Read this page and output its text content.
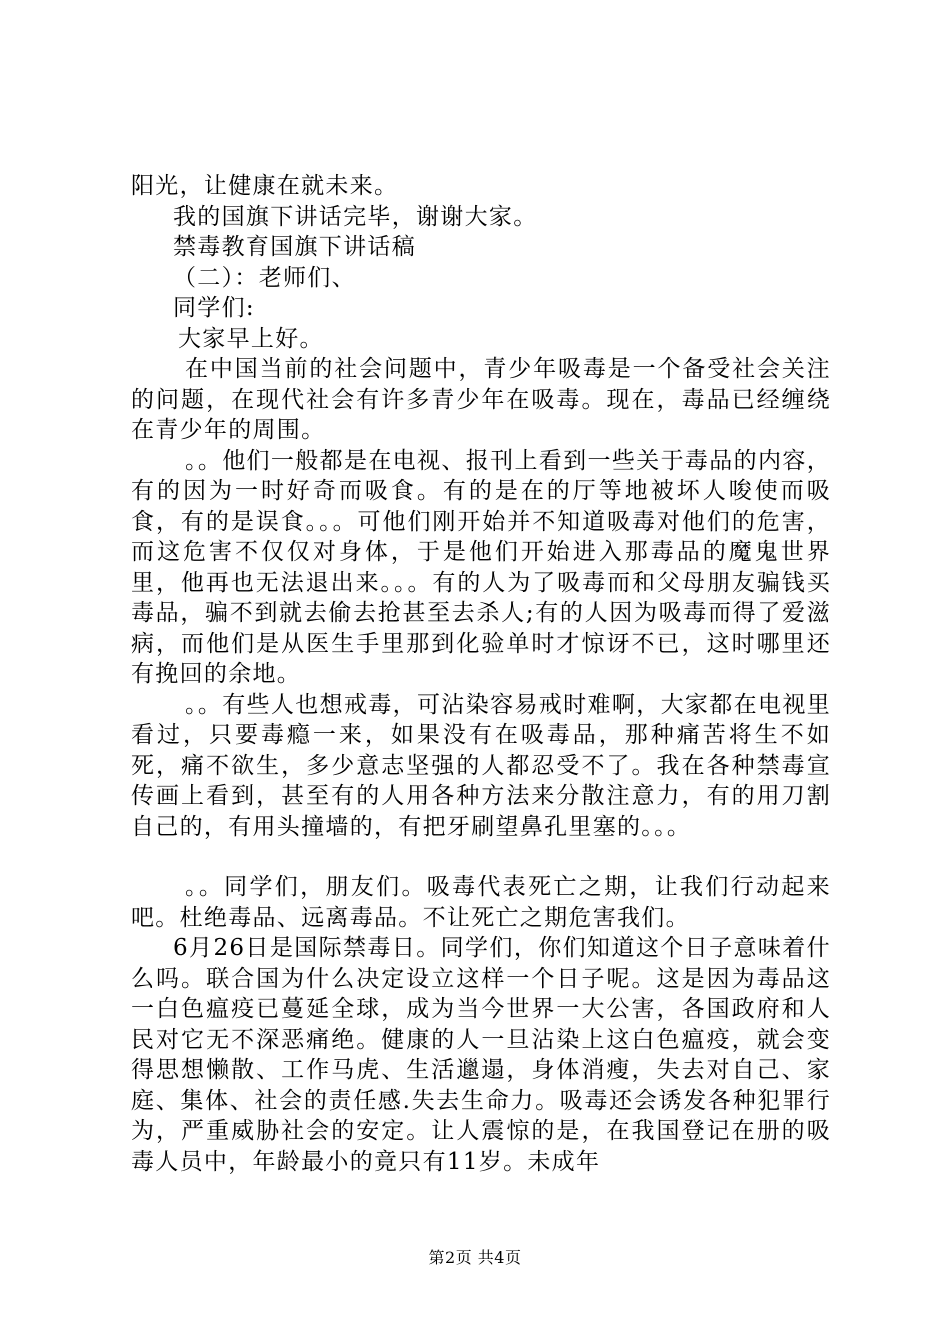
阳光，让健康在就未来。

我的国旗下讲话完毕，谢谢大家。

禁毒教育国旗下讲话稿

（二）：老师们、

同学们:

大家早上好。

在中国当前的社会问题中，青少年吸毒是一个备受社会关注的问题，在现代社会有许多青少年在吸毒。现在，毒品已经缠绕在青少年的周围。

。。他们一般都是在电视、报刊上看到一些关于毒品的内容，有的因为一时好奇而吸食。有的是在的厅等地被坏人唆使而吸食，有的是误食。。。可他们刚开始并不知道吸毒对他们的危害，而这危害不仅仅对身体，于是他们开始进入那毒品的魔鬼世界里，他再也无法退出来。。。有的人为了吸毒而和父母朋友骗钱买毒品，骗不到就去偷去抢甚至去杀人;有的人因为吸毒而得了爱滋病，而他们是从医生手里那到化验单时才惊讶不已，这时哪里还有挽回的余地。

。。有些人也想戒毒，可沾染容易戒时难啊，大家都在电视里看过，只要毒瘾一来，如果没有在吸毒品，那种痛苦将生不如死，痛不欲生，多少意志坚强的人都忍受不了。我在各种禁毒宣传画上看到，甚至有的人用各种方法来分散注意力，有的用刀割自己的，有用头撞墙的，有把牙刷望鼻孔里塞的。。。

。。同学们，朋友们。吸毒代表死亡之期，让我们行动起来吧。杜绝毒品、远离毒品。不让死亡之期危害我们。

6月26日是国际禁毒日。同学们，你们知道这个日子意味着什么吗。联合国为什么决定设立这样一个日子呢。这是因为毒品这一白色瘟疫已蔓延全球，成为当今世界一大公害，各国政府和人民对它无不深恶痛绝。健康的人一旦沾染上这白色瘟疫，就会变得思想懒散、工作马虎、生活邋遢，身体消瘦，失去对自己、家庭、集体、社会的责任感.失去生命力。吸毒还会诱发各种犯罪行为，严重威胁社会的安定。让人震惊的是，在我国登记在册的吸毒人员中，年龄最小的竟只有11岁。未成年

第2页 共4页
